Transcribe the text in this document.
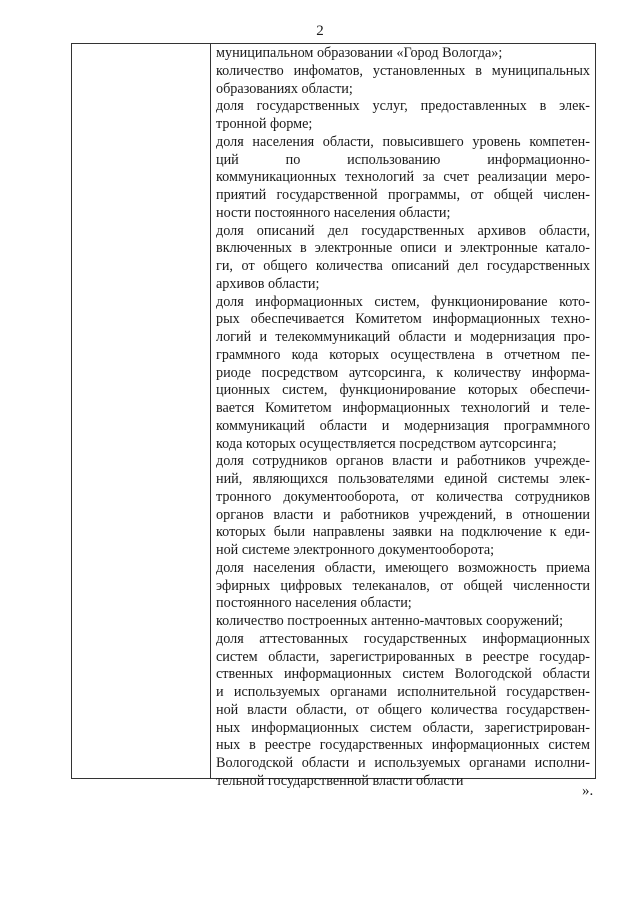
2
муниципальном образовании «Город Вологда»;
количество инфоматов, установленных в муниципальных
образованиях области;
доля государственных услуг, предоставленных в элек-
тронной форме;
доля населения области, повысившего уровень компетен-
ций по использованию информационно-
коммуникационных технологий за счет реализации меро-
приятий государственной программы, от общей числен-
ности постоянного населения области;
доля описаний дел государственных архивов области,
включенных в электронные описи и электронные катало-
ги, от общего количества описаний дел государственных
архивов области;
доля информационных систем, функционирование кото-
рых обеспечивается Комитетом информационных техно-
логий и телекоммуникаций области и модернизация про-
граммного кода которых осуществлена в отчетном пе-
риоде посредством аутсорсинга, к количеству информа-
ционных систем, функционирование которых обеспечи-
вается Комитетом информационных технологий и теле-
коммуникаций области и модернизация программного
кода которых осуществляется посредством аутсорсинга;
доля сотрудников органов власти и работников учрежде-
ний, являющихся пользователями единой системы элек-
тронного документооборота, от количества сотрудников
органов власти и работников учреждений, в отношении
которых были направлены заявки на подключение к еди-
ной системе электронного документооборота;
доля населения области, имеющего возможность приема
эфирных цифровых телеканалов, от общей численности
постоянного населения области;
количество построенных антенно-мачтовых сооружений;
доля аттестованных государственных информационных
систем области, зарегистрированных в реестре государ-
ственных информационных систем Вологодской области
и используемых органами исполнительной государствен-
ной власти области, от общего количества государствен-
ных информационных систем области, зарегистрирован-
ных в реестре государственных информационных систем
Вологодской области и используемых органами исполни-
тельной государственной власти области
».
